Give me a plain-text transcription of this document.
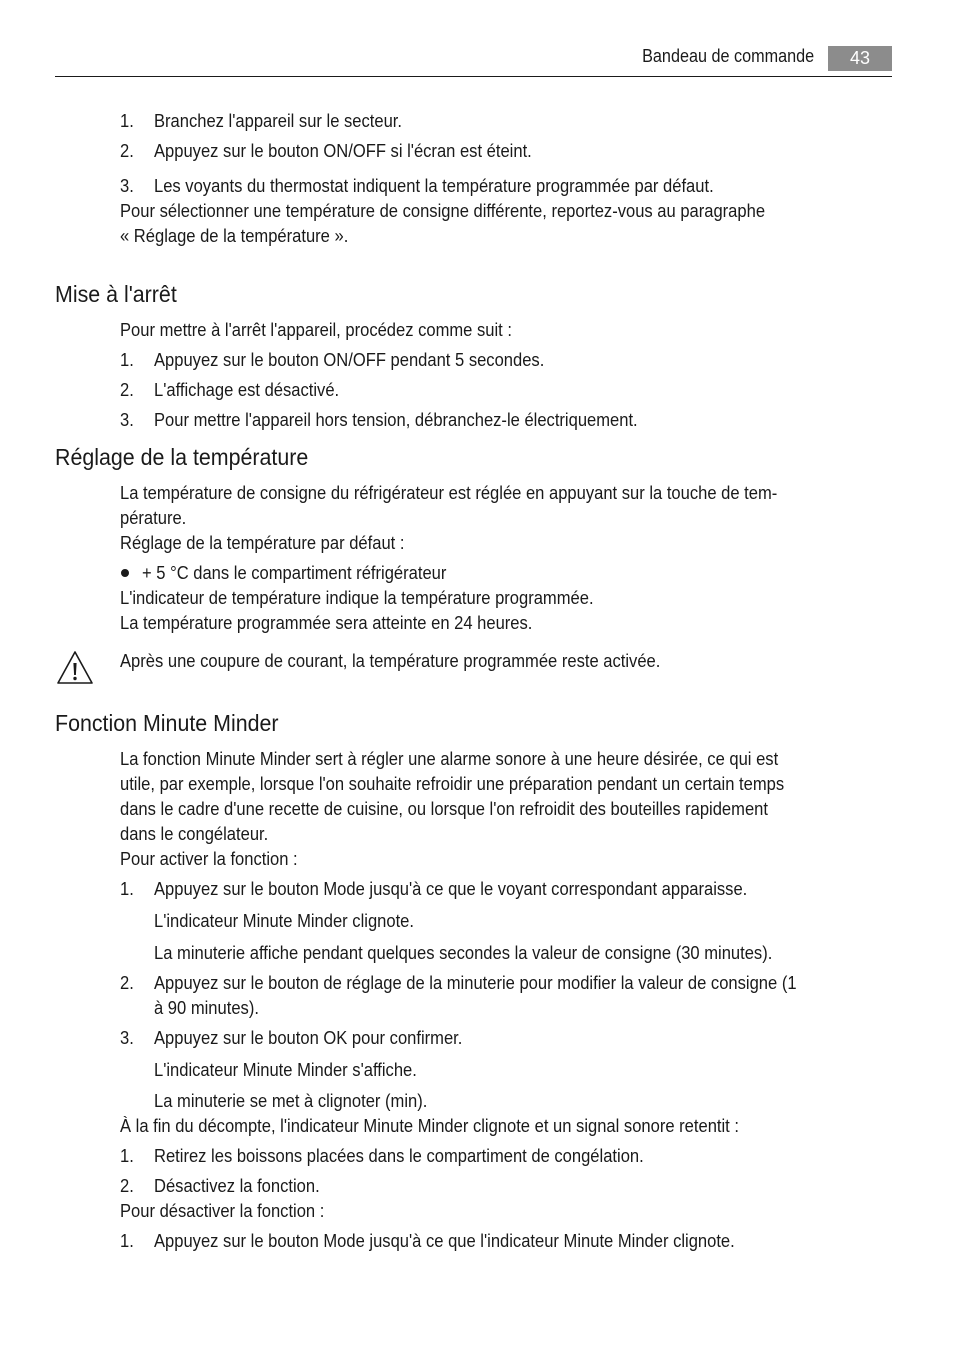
Bandeau de commande	43
1. Branchez l'appareil sur le secteur.
2. Appuyez sur le bouton ON/OFF si l'écran est éteint.
3. Les voyants du thermostat indiquent la température programmée par défaut.
Pour sélectionner une température de consigne différente, reportez-vous au paragraphe
« Réglage de la température ».
Mise à l'arrêt
Pour mettre à l'arrêt l'appareil, procédez comme suit :
1. Appuyez sur le bouton ON/OFF pendant 5 secondes.
2. L'affichage est désactivé.
3. Pour mettre l'appareil hors tension, débranchez-le électriquement.
Réglage de la température
La température de consigne du réfrigérateur est réglée en appuyant sur la touche de tem-
pérature.
Réglage de la température par défaut :
+ 5 °C dans le compartiment réfrigérateur
L'indicateur de température indique la température programmée.
La température programmée sera atteinte en 24 heures.
Après une coupure de courant, la température programmée reste activée.
Fonction Minute Minder
La fonction Minute Minder sert à régler une alarme sonore à une heure désirée, ce qui est
utile, par exemple, lorsque l'on souhaite refroidir une préparation pendant un certain temps
dans le cadre d'une recette de cuisine, ou lorsque l'on refroidit des bouteilles rapidement
dans le congélateur.
Pour activer la fonction :
1. Appuyez sur le bouton Mode jusqu'à ce que le voyant correspondant apparaisse.
L'indicateur Minute Minder clignote.
La minuterie affiche pendant quelques secondes la valeur de consigne (30 minutes).
2. Appuyez sur le bouton de réglage de la minuterie pour modifier la valeur de consigne (1
à 90 minutes).
3. Appuyez sur le bouton OK pour confirmer.
L'indicateur Minute Minder s'affiche.
La minuterie se met à clignoter (min).
À la fin du décompte, l'indicateur Minute Minder clignote et un signal sonore retentit :
1. Retirez les boissons placées dans le compartiment de congélation.
2. Désactivez la fonction.
Pour désactiver la fonction :
1. Appuyez sur le bouton Mode jusqu'à ce que l'indicateur Minute Minder clignote.
